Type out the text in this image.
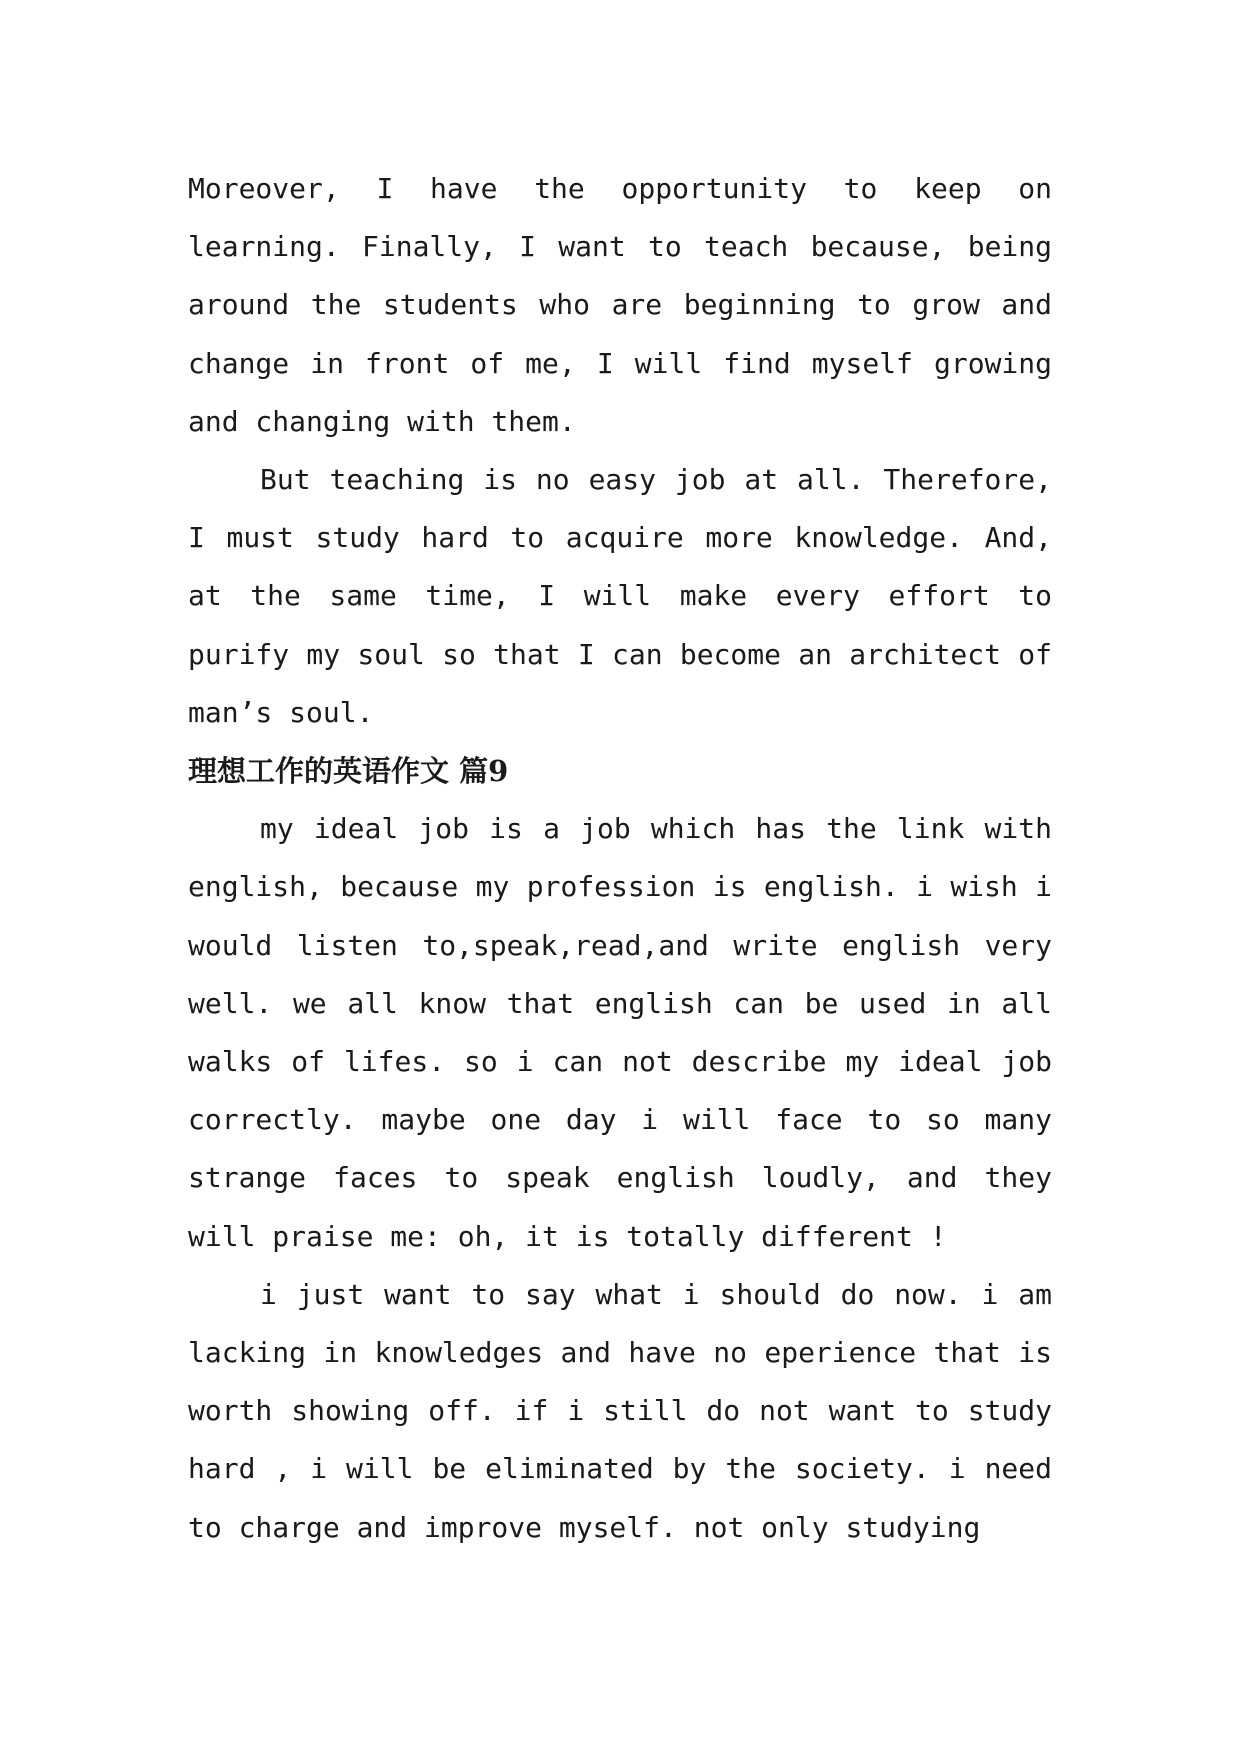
Moreover, I have the opportunity to keep on learning. Finally, I want to teach because, being around the students who are beginning to grow and change in front of me, I will find myself growing and changing with them.

But teaching is no easy job at all. Therefore, I must study hard to acquire more knowledge. And, at the same time, I will make every effort to purify my soul so that I can become an architect of man’s soul.

理想工作的英语作文 篇9

my ideal job is a job which has the link with english, because my profession is english. i wish i would listen to,speak,read,and write english very well. we all know that english can be used in all walks of lifes. so i can not describe my ideal job correctly. maybe one day i will face to so many strange faces to speak english loudly, and they will praise me: oh, it is totally different !

i just want to say what i should do now. i am lacking in knowledges and have no eperience that is worth showing off. if i still do not want to study hard , i will be eliminated by the society. i need to charge and improve myself. not only studying
